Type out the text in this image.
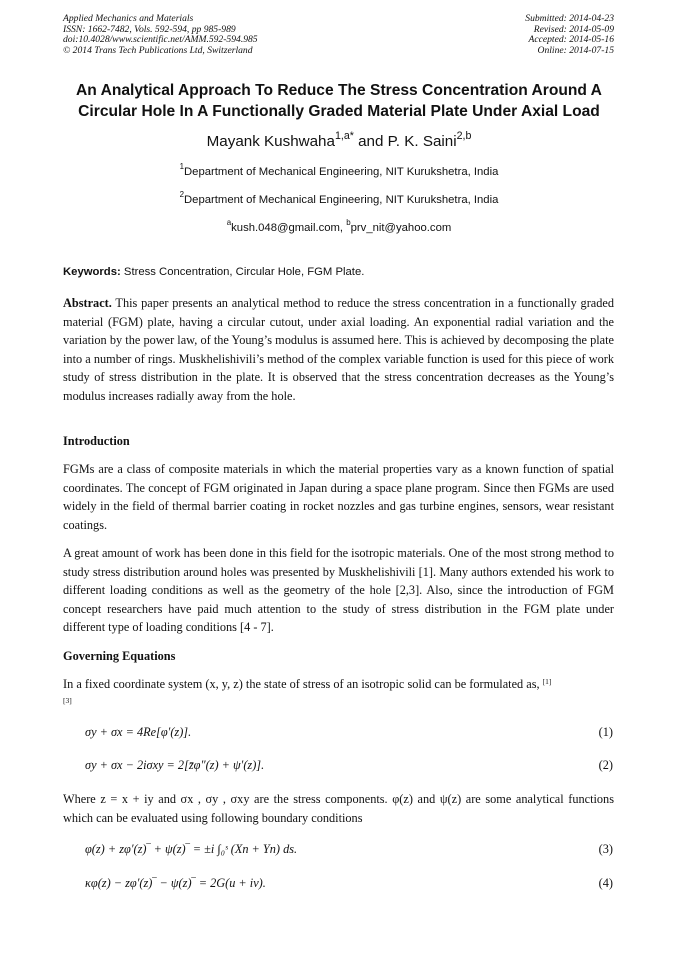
Applied Mechanics and Materials
ISSN: 1662-7482, Vols. 592-594, pp 985-989
doi:10.4028/www.scientific.net/AMM.592-594.985
© 2014 Trans Tech Publications Ltd, Switzerland
Submitted: 2014-04-23
Revised: 2014-05-09
Accepted: 2014-05-16
Online: 2014-07-15
An Analytical Approach To Reduce The Stress Concentration Around A
Circular Hole In A Functionally Graded Material Plate Under Axial Load
Mayank Kushwaha$^{1,a*}$ and P. K. Saini$^{2,b}$
$^1$Department of Mechanical Engineering, NIT Kurukshetra, India
$^2$Department of Mechanical Engineering, NIT Kurukshetra, India
$^a$kush.048@gmail.com, $^b$prv_nit@yahoo.com
Keywords: Stress Concentration, Circular Hole, FGM Plate.

Abstract. This paper presents an analytical method to reduce the stress concentration in a functionally graded material (FGM) plate, having a circular cutout, under axial loading. An exponential radial variation and the variation by the power law, of the Young’s modulus is assumed here. This is achieved by decomposing the plate into a number of rings. Muskhelishivili’s method of the complex variable function is used for this piece of work study of stress distribution in the plate. It is observed that the stress concentration decreases as the Young’s modulus increases radially away from the hole.

Introduction

FGMs are a class of composite materials in which the material properties vary as a known function of spatial coordinates. The concept of FGM originated in Japan during a space plane program. Since then FGMs are used widely in the field of thermal barrier coating in rocket nozzles and gas turbine engines, sensors, wear resistant coatings.

A great amount of work has been done in this field for the isotropic materials. One of the most strong method to study stress distribution around holes was presented by Muskhelishivili [1]. Many authors extended his work to different loading conditions as well as the geometry of the hole [2,3]. Also, since the introduction of FGM concept researchers have paid much attention to the study of stress distribution in the FGM plate under different type of loading conditions [4 - 7].

Governing Equations

In a fixed coordinate system (x, y, z) the state of stress of an isotropic solid can be formulated as, [1]
[3]

σy + σx = 4Re[φ′(z)].	(1)
σy + σx − 2iσxy = 2[z̄φ″(z) + ψ′(z)].	(2)

Where z = x + iy and σx , σy , σxy are the stress components. φ(z) and ψ(z) are some analytical functions which can be evaluated using following boundary conditions

φ(z) + zφ′(z)‾ + ψ(z)‾ = ±i ∫₀ˢ (Xn + Yn) ds.	(3)
κφ(z) − zφ′(z)‾ − ψ(z)‾ = 2G(u + iv).	(4)
